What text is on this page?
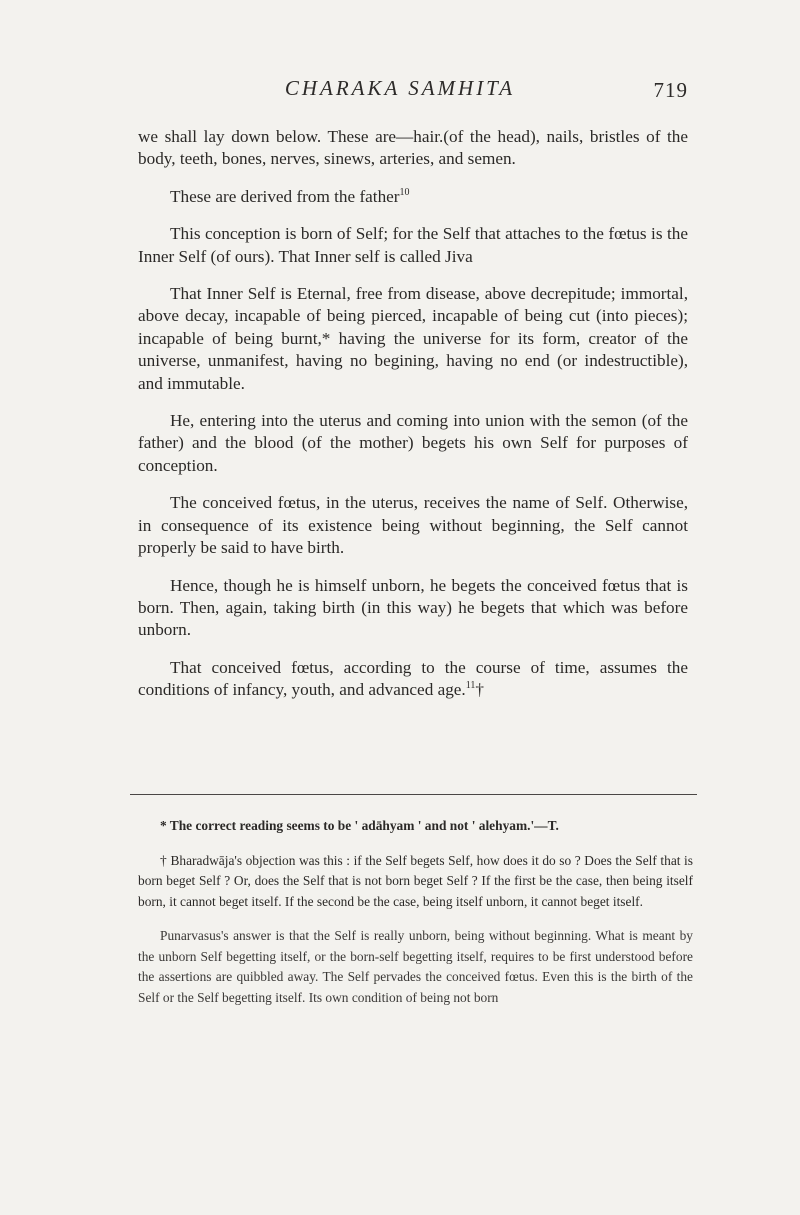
CHARAKA SAMHITA	719

we shall lay down below. These are—hair.(of the head), nails, bristles of the body, teeth, bones, nerves, sinews, arteries, and semen.

These are derived from the father$^{10}$

This conception is born of Self; for the Self that attaches to the fœtus is the Inner Self (of ours). That Inner self is called Jiva

That Inner Self is Eternal, free from disease, above decrepitude; immortal, above decay, incapable of being pierced, incapable of being cut (into pieces); incapable of being burnt,* having the universe for its form, creator of the universe, unmanifest, having no begining, having no end (or indestructible), and immutable.

He, entering into the uterus and coming into union with the semon (of the father) and the blood (of the mother) begets his own Self for purposes of conception.

The conceived fœtus, in the uterus, receives the name of Self. Otherwise, in consequence of its existence being without beginning, the Self cannot properly be said to have birth.

Hence, though he is himself unborn, he begets the conceived fœtus that is born. Then, again, taking birth (in this way) he begets that which was before unborn.

That conceived fœtus, according to the course of time, assumes the conditions of infancy, youth, and advanced age.$^{11}$†

* The correct reading seems to be ' adāhyam ' and not ' alehyam.'—T.

† Bharadwāja's objection was this : if the Self begets Self, how does it do so ? Does the Self that is born beget Self ? Or, does the Self that is not born beget Self ? If the first be the case, then being itself born, it cannot beget itself. If the second be the case, being itself unborn, it cannot beget itself.

Punarvasus's answer is that the Self is really unborn, being without beginning. What is meant by the unborn Self begetting itself, or the born-self begetting itself, requires to be first understood before the assertions are quibbled away. The Self pervades the conceived fœtus. Even this is the birth of the Self or the Self begetting itself. Its own condition of being not born
